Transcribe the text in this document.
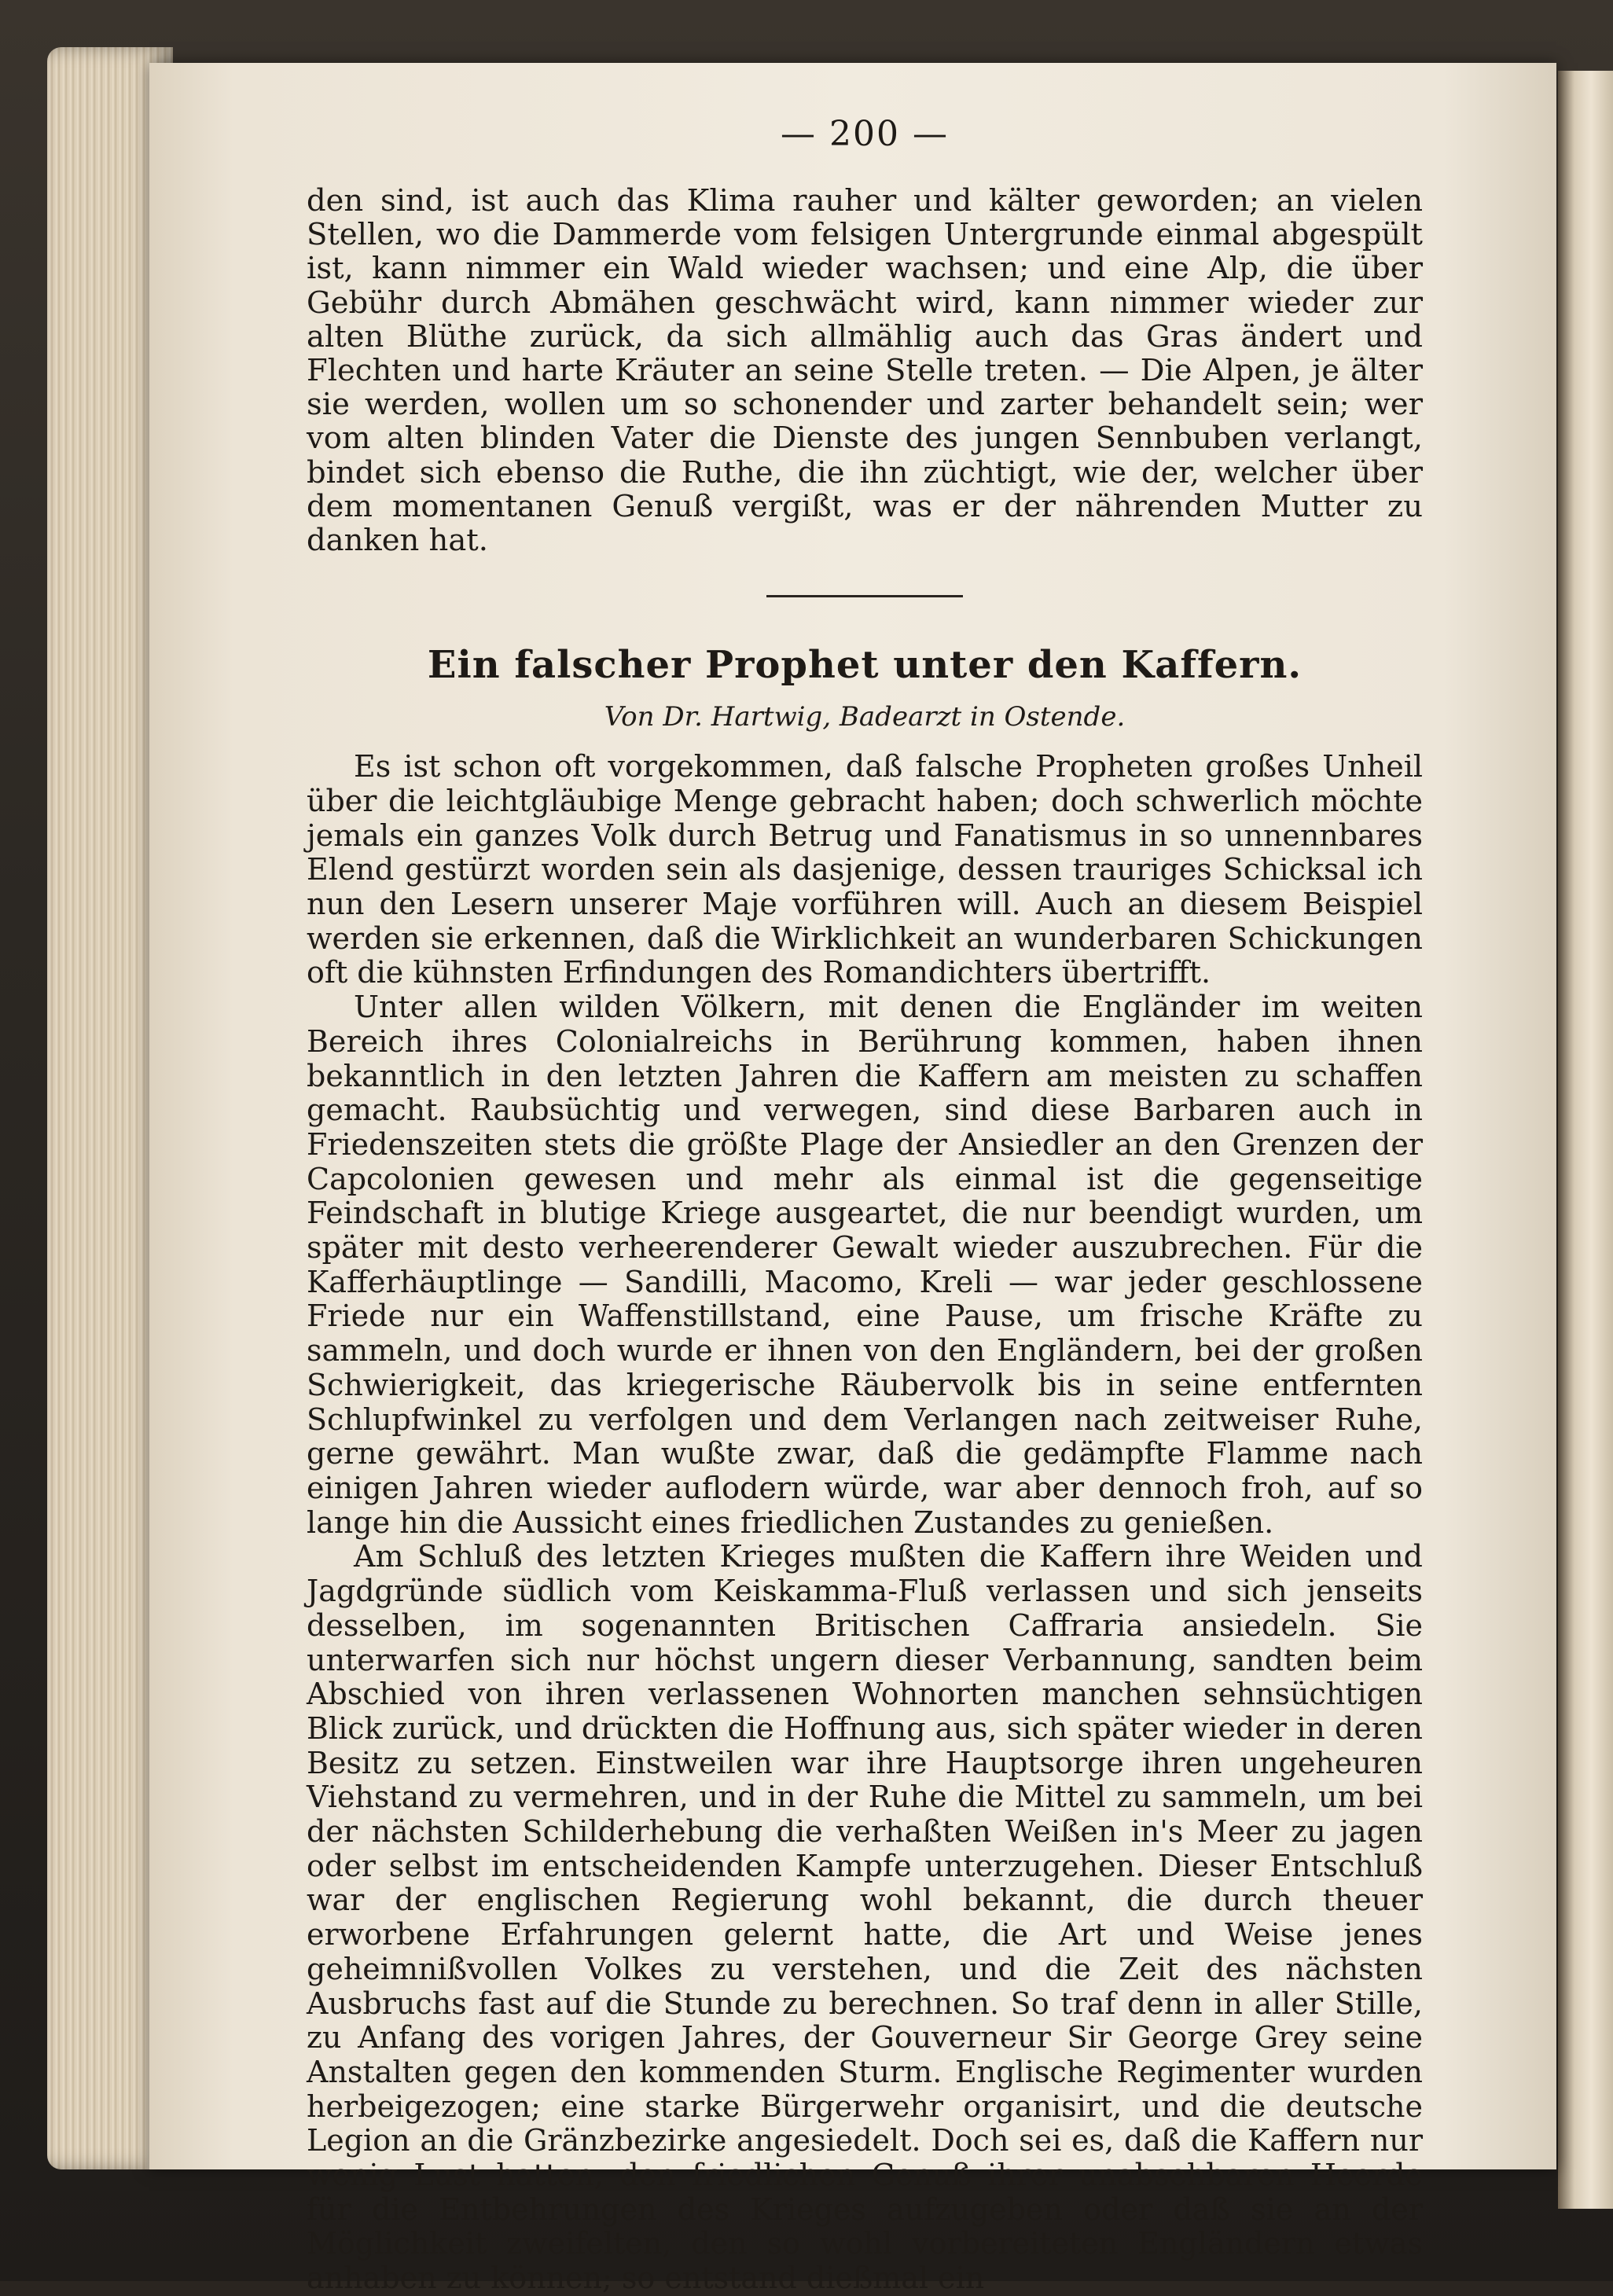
— 200 —

den sind, ist auch das Klima rauher und kälter geworden; an vielen Stellen, wo die Dammerde vom felsigen Untergrunde einmal abgespült ist, kann nimmer ein Wald wieder wachsen; und eine Alp, die über Gebühr durch Abmähen geschwächt wird, kann nimmer wieder zur alten Blüthe zurück, da sich allmählig auch das Gras ändert und Flechten und harte Kräuter an seine Stelle treten. — Die Alpen, je älter sie werden, wollen um so schonender und zarter behandelt sein; wer vom alten blinden Vater die Dienste des jungen Sennbuben verlangt, bindet sich ebenso die Ruthe, die ihn züchtigt, wie der, welcher über dem momentanen Genuß vergißt, was er der nährenden Mutter zu danken hat.

Ein falscher Prophet unter den Kaffern.
Von Dr. Hartwig, Badearzt in Ostende.

Es ist schon oft vorgekommen, daß falsche Propheten großes Unheil über die leichtgläubige Menge gebracht haben; doch schwerlich möchte jemals ein ganzes Volk durch Betrug und Fanatismus in so unnennbares Elend gestürzt worden sein als dasjenige, dessen trauriges Schicksal ich nun den Lesern unserer Maje vorführen will. Auch an diesem Beispiel werden sie erkennen, daß die Wirklichkeit an wunderbaren Schickungen oft die kühnsten Erfindungen des Romandichters übertrifft.

Unter allen wilden Völkern, mit denen die Engländer im weiten Bereich ihres Colonialreichs in Berührung kommen, haben ihnen bekanntlich in den letzten Jahren die Kaffern am meisten zu schaffen gemacht. Raubsüchtig und verwegen, sind diese Barbaren auch in Friedenszeiten stets die größte Plage der Ansiedler an den Grenzen der Capcolonien gewesen und mehr als einmal ist die gegenseitige Feindschaft in blutige Kriege ausgeartet, die nur beendigt wurden, um später mit desto verheerenderer Gewalt wieder auszubrechen. Für die Kafferhäuptlinge — Sandilli, Macomo, Kreli — war jeder geschlossene Friede nur ein Waffenstillstand, eine Pause, um frische Kräfte zu sammeln, und doch wurde er ihnen von den Engländern, bei der großen Schwierigkeit, das kriegerische Räubervolk bis in seine entfernten Schlupfwinkel zu verfolgen und dem Verlangen nach zeitweiser Ruhe, gerne gewährt. Man wußte zwar, daß die gedämpfte Flamme nach einigen Jahren wieder auflodern würde, war aber dennoch froh, auf so lange hin die Aussicht eines friedlichen Zustandes zu genießen.

Am Schluß des letzten Krieges mußten die Kaffern ihre Weiden und Jagdgründe südlich vom Keiskamma-Fluß verlassen und sich jenseits desselben, im sogenannten Britischen Caffraria ansiedeln. Sie unterwarfen sich nur höchst ungern dieser Verbannung, sandten beim Abschied von ihren verlassenen Wohnorten manchen sehnsüchtigen Blick zurück, und drückten die Hoffnung aus, sich später wieder in deren Besitz zu setzen. Einstweilen war ihre Hauptsorge ihren ungeheuren Viehstand zu vermehren, und in der Ruhe die Mittel zu sammeln, um bei der nächsten Schilderhebung die verhaßten Weißen in's Meer zu jagen oder selbst im entscheidenden Kampfe unterzugehen. Dieser Entschluß war der englischen Regierung wohl bekannt, die durch theuer erworbene Erfahrungen gelernt hatte, die Art und Weise jenes geheimnißvollen Volkes zu verstehen, und die Zeit des nächsten Ausbruchs fast auf die Stunde zu berechnen. So traf denn in aller Stille, zu Anfang des vorigen Jahres, der Gouverneur Sir George Grey seine Anstalten gegen den kommenden Sturm. Englische Regimenter wurden herbeigezogen; eine starke Bürgerwehr organisirt, und die deutsche Legion an die Gränzbezirke angesiedelt. Doch sei es, daß die Kaffern nur wenig Lust hatten, den friedlichen Genuß ihrer unabsehbaren Heerde für die Entbehrungen des Krieges aufzugeben oder daß sie an der Möglichkeit zweifelten, den so wohl vorbereiteten Engländern etwas anhaben zu können; so entstand dießmal ein
